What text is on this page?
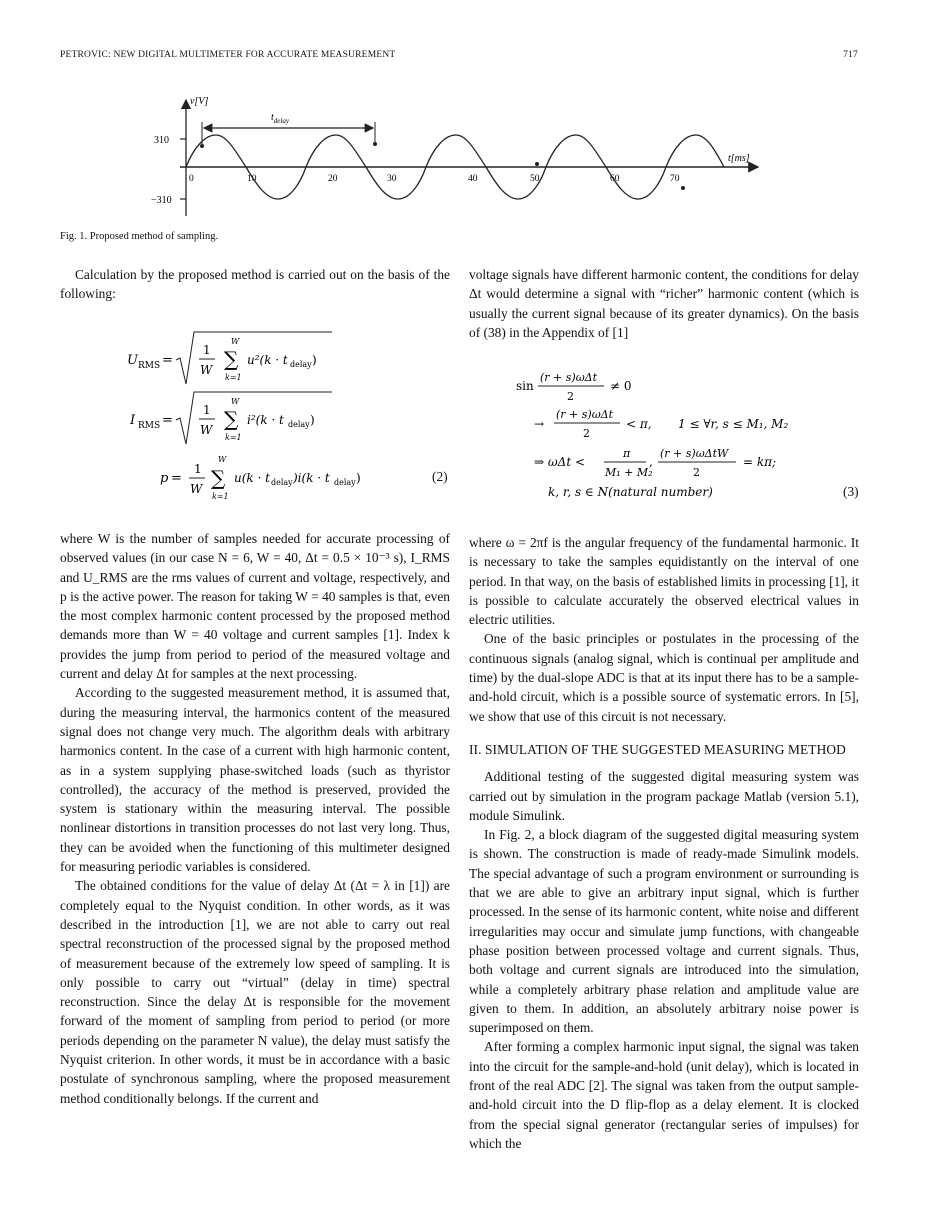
PETROVIC: NEW DIGITAL MULTIMETER FOR ACCURATE MEASUREMENT	717
310
−310
v[V]
t[ms]
0	10	20	30	40	50	60	70
$t_{delay}$
Fig. 1. Proposed method of sampling.

Calculation by the proposed method is carried out on the basis of the following:

U RMS =
1
W
W
∑
k=1
u²(k · t delay )
I RMS =
1
W
W
∑
k=1
i²(k · t delay )
p =
1
W
W
∑
k=1
u(k · t delay )i(k · t delay )	(2)

where W is the number of samples needed for accurate processing of observed values (in our case N = 6, W = 40, Δt = 0.5 × 10⁻³ s), I_RMS and U_RMS are the rms values of current and voltage, respectively, and p is the active power. The reason for taking W = 40 samples is that, even the most complex harmonic content processed by the proposed method demands more than W = 40 voltage and current samples [1]. Index k provides the jump from period to period of the measured voltage and current and delay Δt for samples at the next processing.

According to the suggested measurement method, it is assumed that, during the measuring interval, the harmonics content of the measured signal does not change very much. The algorithm deals with arbitrary harmonics content. In the case of a current with high harmonic content, as in a system supplying phase-switched loads (such as thyristor controlled), the accuracy of the method is preserved, provided the system is stationary within the measuring interval. The possible nonlinear distortions in transition processes do not last very long. Thus, they can be avoided when the functioning of this multimeter designed for measuring periodic variables is considered.

The obtained conditions for the value of delay Δt (Δt = λ in [1]) are completely equal to the Nyquist condition. In other words, as it was described in the introduction [1], we are not able to carry out real spectral reconstruction of the processed signal by the proposed method of measurement because of the extremely low speed of sampling. It is only possible to carry out “virtual” (delay in time) spectral reconstruction. Since the delay Δt is responsible for the movement forward of the moment of sampling from period to period (or more periods depending on the parameter N value), the delay must satisfy the Nyquist criterion. In other words, it must be in accordance with a basic postulate of synchronous sampling, where the proposed measurement method conditionally belongs. If the current and

voltage signals have different harmonic content, the conditions for delay Δt would determine a signal with “richer” harmonic content (which is usually the current signal because of its greater dynamics). On the basis of (38) in the Appendix of [1]

sin
(r + s)ωΔt
2
≠ 0
→
(r + s)ωΔt
2
< π, 1 ≤ ∀r, s ≤ M₁, M₂
⇒ ωΔt <
π
M₁ + M₂
,
(r + s)ωΔtW
2
= kπ;
k, r, s ∈ N(natural number)	(3)

where ω = 2πf is the angular frequency of the fundamental harmonic. It is necessary to take the samples equidistantly on the interval of one period. In that way, on the basis of established limits in processing [1], it is possible to calculate accurately the observed electrical values in electric utilities.

One of the basic principles or postulates in the processing of the continuous signals (analog signal, which is continual per amplitude and time) by the dual-slope ADC is that at its input there has to be a sample-and-hold circuit, which is a possible source of systematic errors. In [5], we show that use of this circuit is not necessary.

II. SIMULATION OF THE SUGGESTED MEASURING METHOD

Additional testing of the suggested digital measuring system was carried out by simulation in the program package Matlab (version 5.1), module Simulink.

In Fig. 2, a block diagram of the suggested digital measuring system is shown. The construction is made of ready-made Simulink models. The special advantage of such a program environment or surrounding is that we are able to give an arbitrary input signal, which is further processed. In the sense of its harmonic content, white noise and different irregularities may occur and simulate jump functions, with changeable phase position between processed voltage and current signals. Thus, both voltage and current signals are introduced into the simulation, while a completely arbitrary phase relation and amplitude value are given to them. In addition, an absolutely arbitrary noise power is superimposed on them.

After forming a complex harmonic input signal, the signal was taken into the circuit for the sample-and-hold (unit delay), which is located in front of the real ADC [2]. The signal was taken from the output sample-and-hold circuit into the D flip-flop as a delay element. It is clocked from the special signal generator (rectangular series of impulses) for which the
